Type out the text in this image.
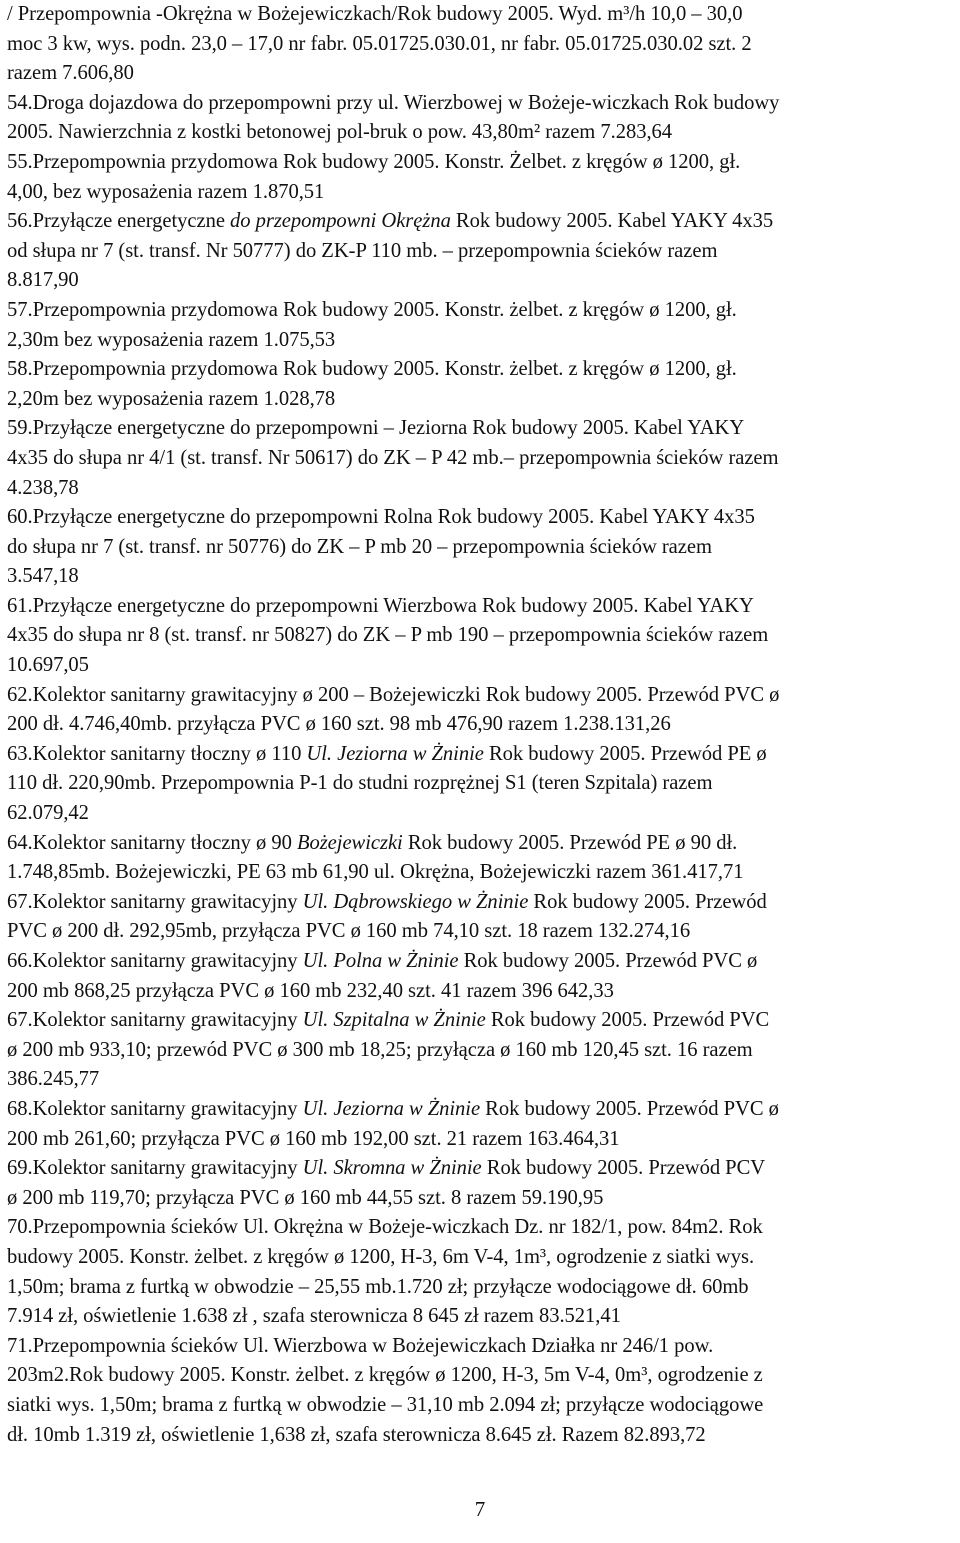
/ Przepompownia -Okrężna w Bożejewiczkach/Rok budowy 2005. Wyd. m³/h 10,0 – 30,0
moc 3 kw, wys. podn. 23,0 – 17,0 nr fabr. 05.01725.030.01, nr fabr. 05.01725.030.02 szt. 2
razem 7.606,80
54.Droga dojazdowa do przepompowni przy ul. Wierzbowej w Bożeje-wiczkach Rok budowy
2005. Nawierzchnia z kostki betonowej pol-bruk o pow. 43,80m² razem 7.283,64
55.Przepompownia przydomowa Rok budowy 2005. Konstr. Żelbet. z kręgów ø 1200, gł.
4,00, bez wyposażenia razem 1.870,51
56.Przyłącze energetyczne do przepompowni Okrężna Rok budowy 2005. Kabel YAKY 4x35
od słupa nr 7 (st. transf. Nr 50777) do ZK-P 110 mb. – przepompownia ścieków razem
8.817,90
57.Przepompownia przydomowa Rok budowy 2005. Konstr. żelbet. z kręgów ø 1200, gł.
2,30m bez wyposażenia razem 1.075,53
58.Przepompownia przydomowa Rok budowy 2005. Konstr. żelbet. z kręgów ø 1200, gł.
2,20m bez wyposażenia razem 1.028,78
59.Przyłącze energetyczne do przepompowni – Jeziorna Rok budowy 2005. Kabel YAKY
4x35 do słupa nr 4/1 (st. transf. Nr 50617) do ZK – P 42 mb.– przepompownia ścieków razem
4.238,78
60.Przyłącze energetyczne do przepompowni Rolna Rok budowy 2005. Kabel YAKY 4x35
do słupa nr 7 (st. transf. nr 50776) do ZK – P mb 20 – przepompownia ścieków razem
3.547,18
61.Przyłącze energetyczne do przepompowni Wierzbowa Rok budowy 2005. Kabel YAKY
4x35 do słupa nr 8 (st. transf. nr 50827) do ZK – P mb 190 – przepompownia ścieków razem
10.697,05
62.Kolektor sanitarny grawitacyjny ø 200 – Bożejewiczki Rok budowy 2005. Przewód PVC ø
200 dł. 4.746,40mb. przyłącza PVC ø 160 szt. 98 mb 476,90 razem 1.238.131,26
63.Kolektor sanitarny tłoczny ø 110 Ul. Jeziorna w Żninie Rok budowy 2005. Przewód PE ø
110 dł. 220,90mb. Przepompownia P-1 do studni rozprężnej S1 (teren Szpitala) razem
62.079,42
64.Kolektor sanitarny tłoczny ø 90 Bożejewiczki Rok budowy 2005. Przewód PE ø 90 dł.
1.748,85mb. Bożejewiczki, PE 63 mb 61,90 ul. Okrężna, Bożejewiczki razem 361.417,71
67.Kolektor sanitarny grawitacyjny Ul. Dąbrowskiego w Żninie Rok budowy 2005. Przewód
PVC ø 200 dł. 292,95mb, przyłącza PVC ø 160 mb 74,10 szt. 18 razem 132.274,16
66.Kolektor sanitarny grawitacyjny Ul. Polna w Żninie Rok budowy 2005. Przewód PVC ø
200 mb 868,25 przyłącza PVC ø 160 mb 232,40 szt. 41 razem 396 642,33
67.Kolektor sanitarny grawitacyjny Ul. Szpitalna w Żninie Rok budowy 2005. Przewód PVC
ø 200 mb 933,10; przewód PVC ø 300 mb 18,25; przyłącza ø 160 mb 120,45 szt. 16 razem
386.245,77
68.Kolektor sanitarny grawitacyjny Ul. Jeziorna w Żninie Rok budowy 2005. Przewód PVC ø
200 mb 261,60; przyłącza PVC ø 160 mb 192,00 szt. 21 razem 163.464,31
69.Kolektor sanitarny grawitacyjny Ul. Skromna w Żninie Rok budowy 2005. Przewód PCV
ø 200 mb 119,70; przyłącza PVC ø 160 mb 44,55 szt. 8 razem 59.190,95
70.Przepompownia ścieków Ul. Okrężna w Bożeje-wiczkach Dz. nr 182/1, pow. 84m2. Rok
budowy 2005. Konstr. żelbet. z kręgów ø 1200, H-3, 6m V-4, 1m³, ogrodzenie z siatki wys.
1,50m; brama z furtką w obwodzie – 25,55 mb.1.720 zł; przyłącze wodociągowe dł. 60mb
7.914 zł, oświetlenie 1.638 zł , szafa sterownicza 8 645 zł razem 83.521,41
71.Przepompownia ścieków Ul. Wierzbowa w Bożejewiczkach Działka nr 246/1 pow.
203m2.Rok budowy 2005. Konstr. żelbet. z kręgów ø 1200, H-3, 5m V-4, 0m³, ogrodzenie z
siatki wys. 1,50m; brama z furtką w obwodzie – 31,10 mb 2.094 zł; przyłącze wodociągowe
dł. 10mb 1.319 zł, oświetlenie 1,638 zł, szafa sterownicza 8.645 zł. Razem 82.893,72
7
